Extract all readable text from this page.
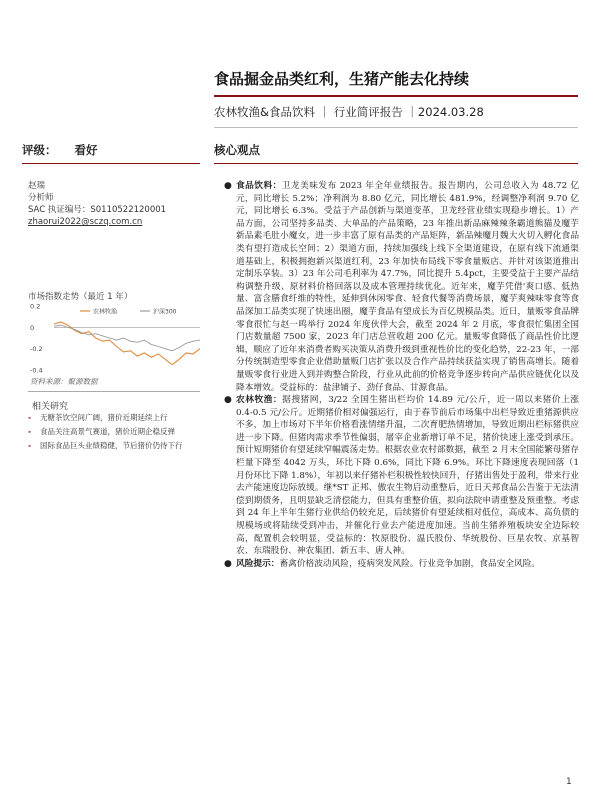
食品掘金品类红利，生猪产能去化持续
农林牧渔&食品饮料 ｜ 行业简评报告 ｜2024.03.28
评级： 看好	核心观点
赵瑞
分析师
SAC 执证编号：S0110522120001
zhaorui2022@sczq.com.cn
市场指数走势（最近 1 年）
0.2
0
-0.2
-0.4
农林牧渔	沪深300
资料来源：聚源数据
相关研究
-	无糖茶饮空间广阔，猪价近期延续上行
-	食品关注高景气赛道，猪价近期企稳反弹
-	国际食品巨头业绩稳健，节后猪价仍待下行
● 食品饮料：卫龙美味发布 2023 年全年业绩报告。报告期内，公司总收入为 48.72 亿元，同比增长 5.2%；净利润为 8.80 亿元，同比增长 481.9%，经调整净利润 9.70 亿元，同比增长 6.3%。受益于产品创新与渠道变革，卫龙经营业绩实现稳步增长。1）产品方面，公司坚持多品类、大单品的产品策略，23 年推出新品麻辣辣条霸道熊猫及魔芋新品素毛肚小魔女，进一步丰富了原有品类的产品矩阵，新品辣魔月魏大火切入孵化食品类有望打造成长空间；2）渠道方面，持续加强线上线下全渠道建设，在原有线下流通渠道基础上，积极拥抱新兴渠道红利，23 年加快布局线下零食量贩店、并针对该渠道推出定制乐享装。3）23 年公司毛利率为 47.7%，同比提升 5.4pct，主要受益于主要产品结构调整升级、原材料价格回落以及成本管理持续优化。近年来，魔芋凭借'爽口感、低热量、富含膳食纤维的特性，延伸到休闲零食、轻食代餐等消费场景，魔芋爽辣味零食等食品深加工品类实现了快速出圈，魔芋食品有望成长为百亿规模品类。近日，量贩零食品牌零食很忙与赵一鸣举行 2024 年度伙伴大会，截至 2024 年 2 月底，零食很忙集团全国门店数量超 7500 家，2023 年门店总营收超 200 亿元。量贩零食降低了商品性价比逻辑，顺应了近年来消费者购买决策从消费升级到重视性价比的变化趋势，22-23 年，一部分传统制造型零食企业借助量贩门店扩张以及合作产品持续获益实现了销售高增长。随着量贩零食行业进入到并购整合阶段，行业从此前的价格竞争逐步转向产品供应链优化以及降本增效。受益标的：盐津铺子、劲仔食品、甘源食品。
● 农林牧渔：据搜猪网，3/22 全国生猪出栏均价 14.89 元/公斤，近一周以来猪价上涨 0.4-0.5 元/公斤。近期猪价相对偏强运行，由于春节前后市场集中出栏导致近重猪源供应不多，加上市场对下半年价格看涨情绪升温，二次育肥热情增加，导致近期出栏标猪供应进一步下降。但猪肉需求季节性偏弱，屠宰企业新增订单不足，猪价快速上涨受到承压。预计短期猪价有望延续窄幅震荡走势。根据农业农村部数据，截至 2 月末全国能繁母猪存栏量下降至 4042 万头，环比下降 0.6%，同比下降 6.9%。环比下降速度表现回落（1 月份环比下降 1.8%），年初以来仔猪补栏积极性较快回升，仔猪出售处于盈利，带来行业去产能速度边际放缓。继*ST 正邦、傲农生物启动重整后，近日天邦食品公告鉴于无法清偿到期债务，且明显缺乏清偿能力，但具有重整价值，拟向法院申请重整及预重整。考虑到 24 年上半年生猪行业供给仍较充足，后续猪价有望延续相对低位，高成本、高负债的规模场或将陆续受到冲击，并催化行业去产能进度加速。当前生猪养殖板块安全边际较高，配置机会较明显，受益标的：牧原股份、温氏股份、华统股份、巨星农牧、京基智农、东瑞股份、神农集团、新五丰、唐人神。
● 风险提示：畜禽价格波动风险，疫病突发风险。行业竞争加剧，食品安全风险。
1
